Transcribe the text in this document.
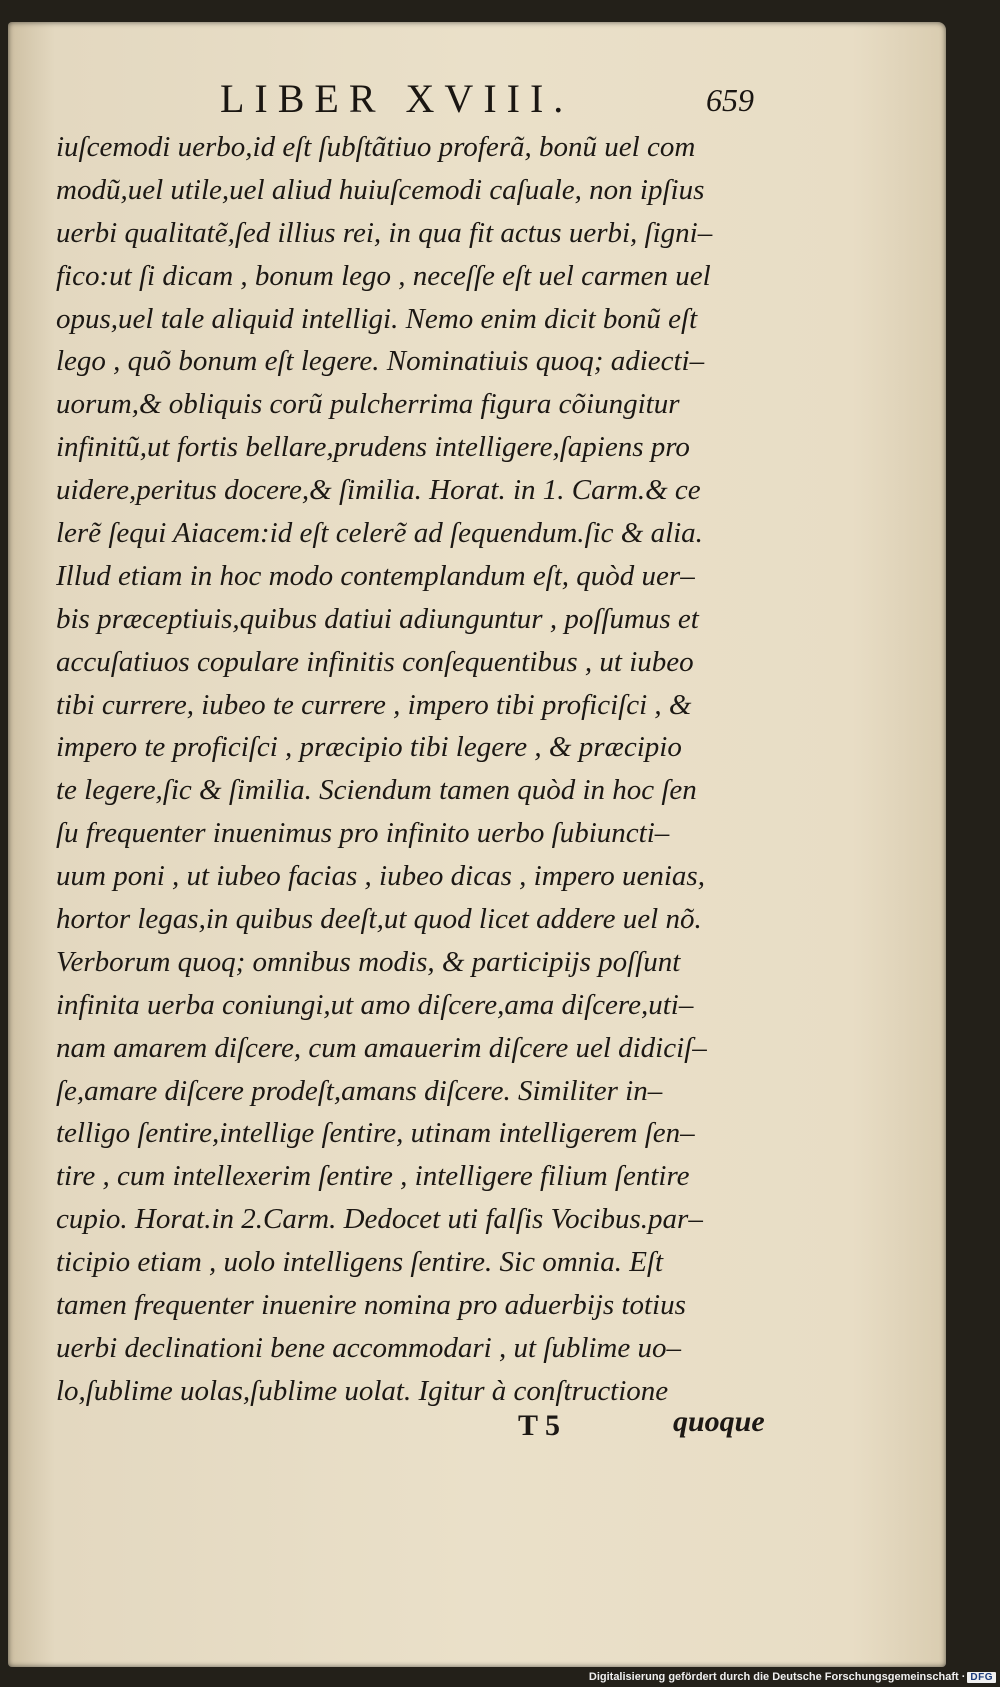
LIBER XVIII.	659
iuſcemodi uerbo,id eſt ſubſtãtiuo proferã, bonũ uel com
modũ,uel utile,uel aliud huiuſcemodi caſuale, non ipſius
uerbi qualitatẽ,ſed illius rei, in qua fit actus uerbi, ſigni–
fico:ut ſi dicam , bonum lego , neceſſe eſt uel carmen uel
opus,uel tale aliquid intelligi. Nemo enim dicit bonũ eſt
lego , quõ bonum eſt legere. Nominatiuis quoq; adiecti–
uorum,& obliquis corũ pulcherrima figura cõiungitur
infinitũ,ut fortis bellare,prudens intelligere,ſapiens pro
uidere,peritus docere,& ſimilia. Horat. in 1. Carm.& ce
lerẽ ſequi Aiacem:id eſt celerẽ ad ſequendum.ſic & alia.
Illud etiam in hoc modo contemplandum eſt, quòd uer–
bis præceptiuis,quibus datiui adiunguntur , poſſumus et
accuſatiuos copulare infinitis conſequentibus , ut iubeo
tibi currere, iubeo te currere , impero tibi proficiſci , &
impero te proficiſci , præcipio tibi legere , & præcipio
te legere,ſic & ſimilia. Sciendum tamen quòd in hoc ſen
ſu frequenter inuenimus pro infinito uerbo ſubiuncti–
uum poni , ut iubeo facias , iubeo dicas , impero uenias,
hortor legas,in quibus deeſt,ut quod licet addere uel nõ.
Verborum quoq; omnibus modis, & participijs poſſunt
infinita uerba coniungi,ut amo diſcere,ama diſcere,uti–
nam amarem diſcere, cum amauerim diſcere uel didiciſ–
ſe,amare diſcere prodeſt,amans diſcere. Similiter in–
telligo ſentire,intellige ſentire, utinam intelligerem ſen–
tire , cum intellexerim ſentire , intelligere filium ſentire
cupio. Horat.in 2.Carm. Dedocet uti falſis Vocibus.par–
ticipio etiam , uolo intelligens ſentire. Sic omnia. Eſt
tamen frequenter inuenire nomina pro aduerbijs totius
uerbi declinationi bene accommodari , ut ſublime uo–
lo,ſublime uolas,ſublime uolat. Igitur à conſtructione
T 5	quoque
Digitalisierung gefördert durch die Deutsche Forschungsgemeinschaft · DFG
